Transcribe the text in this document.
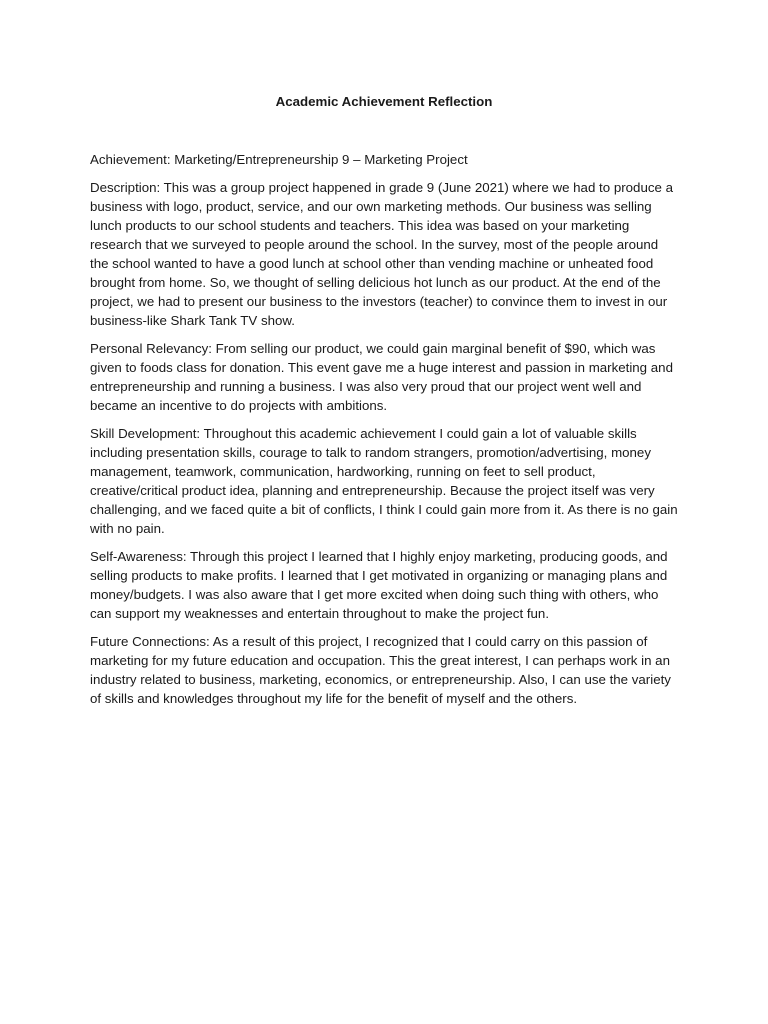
Academic Achievement Reflection

Achievement: Marketing/Entrepreneurship 9 – Marketing Project

Description: This was a group project happened in grade 9 (June 2021) where we had to produce a business with logo, product, service, and our own marketing methods. Our business was selling lunch products to our school students and teachers. This idea was based on your marketing research that we surveyed to people around the school. In the survey, most of the people around the school wanted to have a good lunch at school other than vending machine or unheated food brought from home. So, we thought of selling delicious hot lunch as our product. At the end of the project, we had to present our business to the investors (teacher) to convince them to invest in our business-like Shark Tank TV show.

Personal Relevancy: From selling our product, we could gain marginal benefit of $90, which was given to foods class for donation. This event gave me a huge interest and passion in marketing and entrepreneurship and running a business. I was also very proud that our project went well and became an incentive to do projects with ambitions.

Skill Development: Throughout this academic achievement I could gain a lot of valuable skills including presentation skills, courage to talk to random strangers, promotion/advertising, money management, teamwork, communication, hardworking, running on feet to sell product, creative/critical product idea, planning and entrepreneurship. Because the project itself was very challenging, and we faced quite a bit of conflicts, I think I could gain more from it. As there is no gain with no pain.

Self-Awareness: Through this project I learned that I highly enjoy marketing, producing goods, and selling products to make profits. I learned that I get motivated in organizing or managing plans and money/budgets. I was also aware that I get more excited when doing such thing with others, who can support my weaknesses and entertain throughout to make the project fun.

Future Connections: As a result of this project, I recognized that I could carry on this passion of marketing for my future education and occupation. This the great interest, I can perhaps work in an industry related to business, marketing, economics, or entrepreneurship. Also, I can use the variety of skills and knowledges throughout my life for the benefit of myself and the others.
